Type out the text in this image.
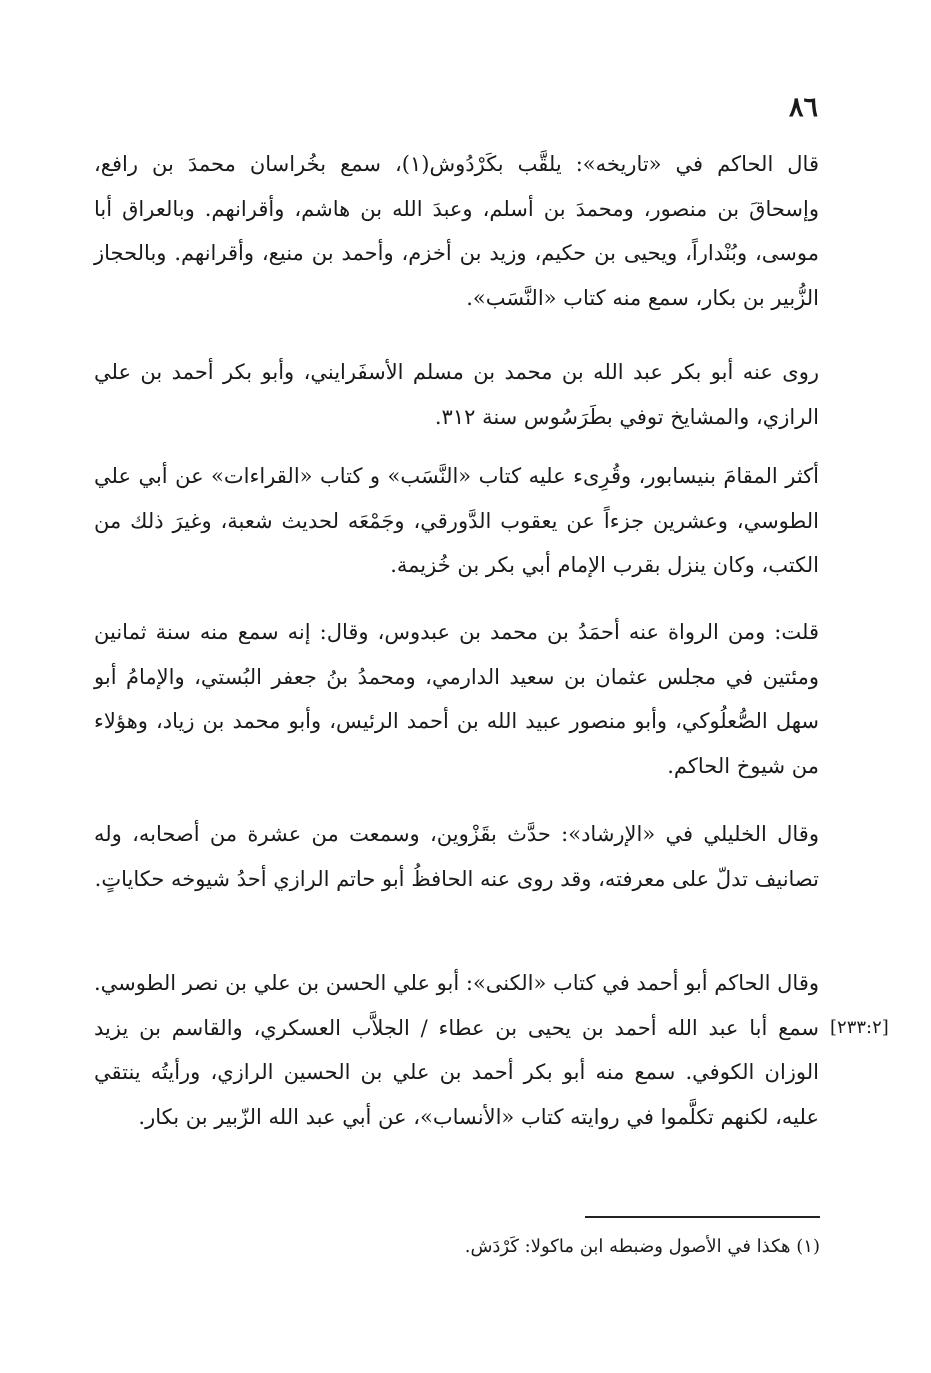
٨٦
قال الحاكم في «تاريخه»: يلقَّب بكَرْدُوش(١)، سمع بخُراسان محمدَ بن رافع، وإسحاقَ بن منصور، ومحمدَ بن أسلم، وعبدَ الله بن هاشم، وأقرانهم. وبالعراق أبا موسى، وبُنْداراً، ويحيى بن حكيم، وزيد بن أخزم، وأحمد بن منيع، وأقرانهم. وبالحجاز الزُّبير بن بكار، سمع منه كتاب «النَّسَب».
روى عنه أبو بكر عبد الله بن محمد بن مسلم الأسفَرايني، وأبو بكر أحمد بن علي الرازي، والمشايخ توفي بطَرَسُوس سنة ٣١٢.
أكثر المقامَ بنيسابور، وقُرِىء عليه كتاب «النَّسَب» و كتاب «القراءات» عن أبي علي الطوسي، وعشرين جزءاً عن يعقوب الدَّورقي، وجَمْعَه لحديث شعبة، وغيرَ ذلك من الكتب، وكان ينزل بقرب الإمام أبي بكر بن خُزيمة.
قلت: ومن الرواة عنه أحمَدُ بن محمد بن عبدوس، وقال: إنه سمع منه سنة ثمانين ومئتين في مجلس عثمان بن سعيد الدارمي، ومحمدُ بنُ جعفر البُستي، والإمامُ أبو سهل الصُّعلُوكي، وأبو منصور عبيد الله بن أحمد الرئيس، وأبو محمد بن زياد، وهؤلاء من شيوخ الحاكم.
وقال الخليلي في «الإرشاد»: حدَّث بقَزْوين، وسمعت من عشرة من أصحابه، وله تصانيف تدلّ على معرفته، وقد روى عنه الحافظُ أبو حاتم الرازي أحدُ شيوخه حكاياتٍ.
وقال الحاكم أبو أحمد في كتاب «الكنى»: أبو علي الحسن بن علي بن نصر الطوسي. سمع أبا عبد الله أحمد بن يحيى بن عطاء / الجلاَّب العسكري، والقاسم بن يزيد الوزان الكوفي. سمع منه أبو بكر أحمد بن علي بن الحسين الرازي، ورأيتُه ينتقي عليه، لكنهم تكلَّموا في روايته كتاب «الأنساب»، عن أبي عبد الله الزّبير بن بكار.
[٢٣٣:٢]
(١) هكذا في الأصول وضبطه ابن ماكولا: كَرْدَش.
